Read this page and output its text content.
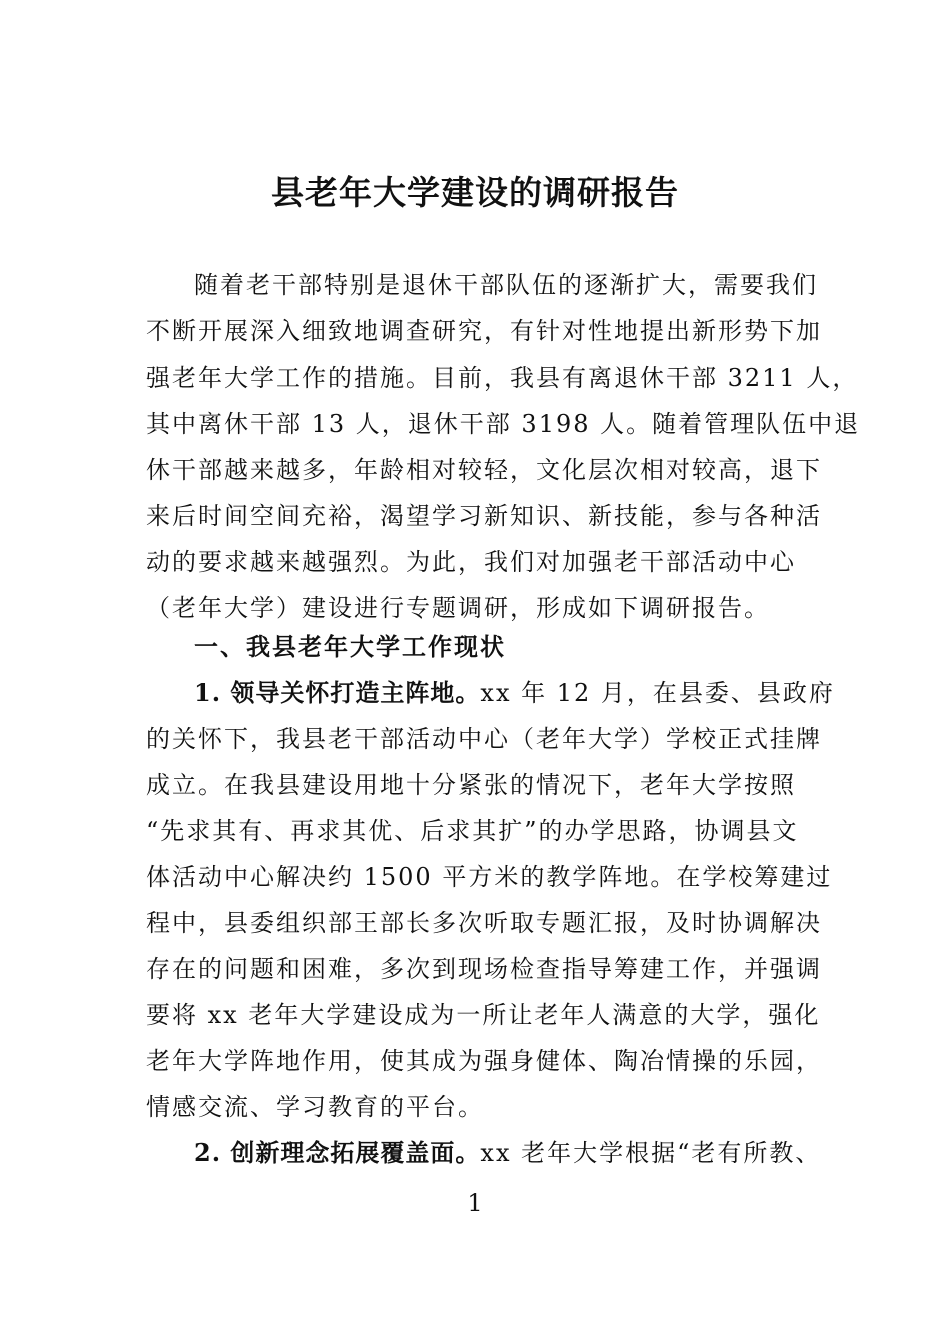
县老年大学建设的调研报告
随着老干部特别是退休干部队伍的逐渐扩大，需要我们
不断开展深入细致地调查研究，有针对性地提出新形势下加
强老年大学工作的措施。目前，我县有离退休干部 3211 人，
其中离休干部 13 人，退休干部 3198 人。随着管理队伍中退
休干部越来越多，年龄相对较轻，文化层次相对较高，退下
来后时间空间充裕，渴望学习新知识、新技能，参与各种活
动的要求越来越强烈。为此，我们对加强老干部活动中心
（老年大学）建设进行专题调研，形成如下调研报告。
一、我县老年大学工作现状
1. 领导关怀打造主阵地。xx 年 12 月，在县委、县政府
的关怀下，我县老干部活动中心（老年大学）学校正式挂牌
成立。在我县建设用地十分紧张的情况下，老年大学按照
“先求其有、再求其优、后求其扩”的办学思路，协调县文
体活动中心解决约 1500 平方米的教学阵地。在学校筹建过
程中，县委组织部王部长多次听取专题汇报，及时协调解决
存在的问题和困难，多次到现场检查指导筹建工作，并强调
要将 xx 老年大学建设成为一所让老年人满意的大学，强化
老年大学阵地作用，使其成为强身健体、陶冶情操的乐园，
情感交流、学习教育的平台。
2. 创新理念拓展覆盖面。xx 老年大学根据“老有所教、
1
